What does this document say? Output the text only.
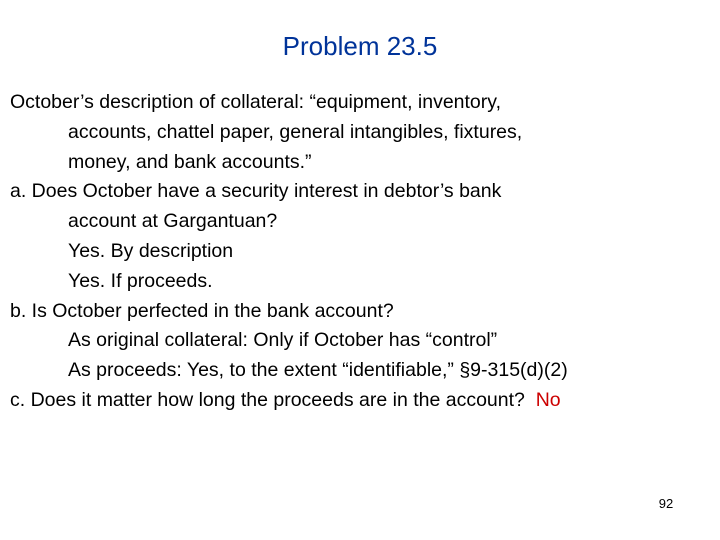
Problem 23.5
October’s description of collateral: “equipment, inventory,
accounts, chattel paper, general intangibles, fixtures,
money, and bank accounts.”
a. Does October have a security interest in debtor’s bank
account at Gargantuan?
Yes. By description
Yes. If proceeds.
b. Is October perfected in the bank account?
As original collateral: Only if October has “control”
As proceeds: Yes, to the extent “identifiable,” §9-315(d)(2)
c. Does it matter how long the proceeds are in the account?  No
92
